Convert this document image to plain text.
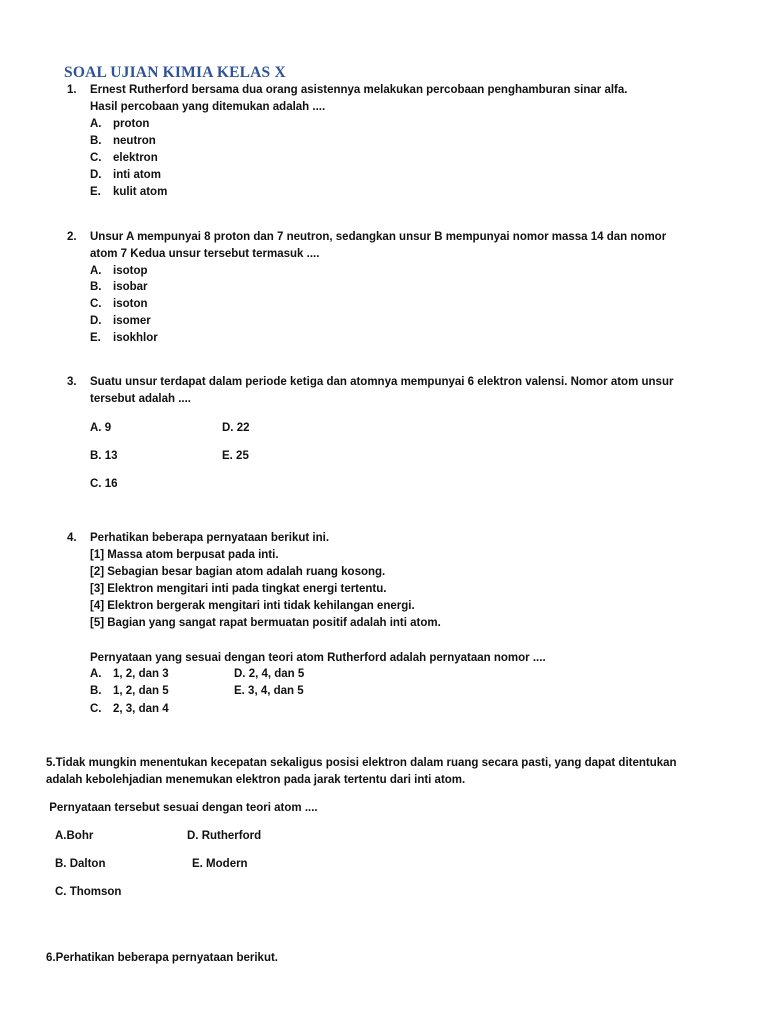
SOAL UJIAN KIMIA KELAS X
1. Ernest Rutherford bersama dua orang asistennya melakukan percobaan penghamburan sinar alfa.
Hasil percobaan yang ditemukan adalah ....
A. proton
B. neutron
C. elektron
D. inti atom
E. kulit atom
2. Unsur A mempunyai 8 proton dan 7 neutron, sedangkan unsur B mempunyai nomor massa 14 dan nomor
atom 7 Kedua unsur tersebut termasuk ....
A. isotop
B. isobar
C. isoton
D. isomer
E. isokhlor
3. Suatu unsur terdapat dalam periode ketiga dan atomnya mempunyai 6 elektron valensi. Nomor atom unsur
tersebut adalah ....
A. 9	D. 22
B. 13	E. 25
C. 16
4. Perhatikan beberapa pernyataan berikut ini.
[1] Massa atom berpusat pada inti.
[2] Sebagian besar bagian atom adalah ruang kosong.
[3] Elektron mengitari inti pada tingkat energi tertentu.
[4] Elektron bergerak mengitari inti tidak kehilangan energi.
[5] Bagian yang sangat rapat bermuatan positif adalah inti atom.
Pernyataan yang sesuai dengan teori atom Rutherford adalah pernyataan nomor ....
A. 1, 2, dan 3	D. 2, 4, dan 5
B. 1, 2, dan 5	E. 3, 4, dan 5
C. 2, 3, dan 4
5.Tidak mungkin menentukan kecepatan sekaligus posisi elektron dalam ruang secara pasti, yang dapat ditentukan
adalah kebolehjadian menemukan elektron pada jarak tertentu dari inti atom.
Pernyataan tersebut sesuai dengan teori atom ....
A.Bohr	D. Rutherford
B. Dalton	E. Modern
C. Thomson
6.Perhatikan beberapa pernyataan berikut.
